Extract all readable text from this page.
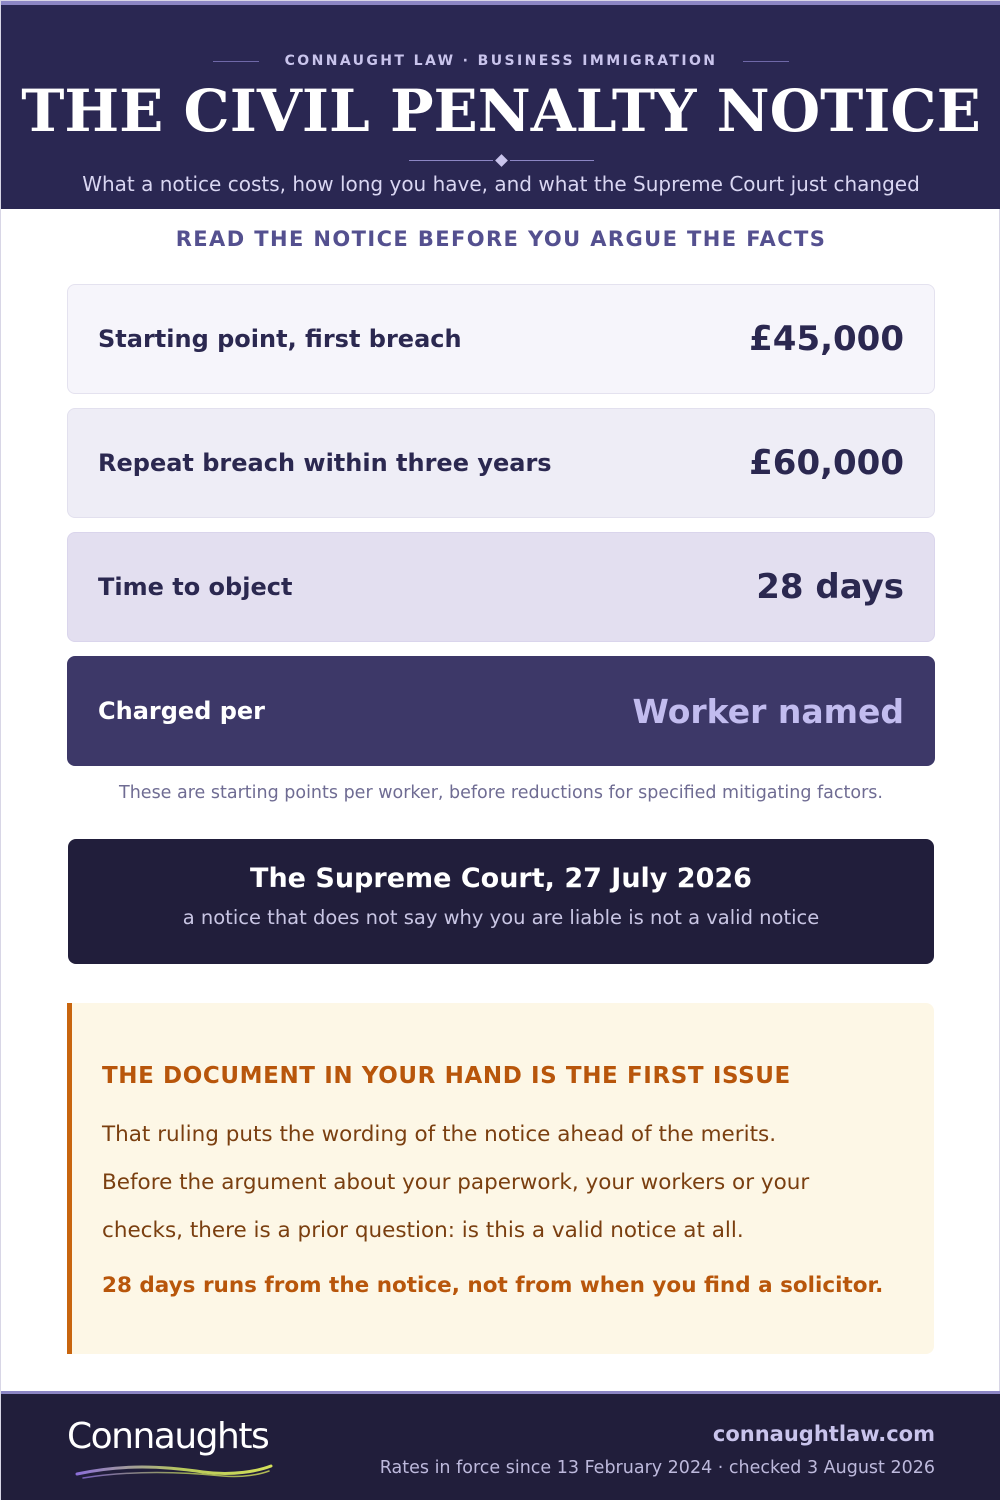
CONNAUGHT LAW · BUSINESS IMMIGRATION
THE CIVIL PENALTY NOTICE
What a notice costs, how long you have, and what the Supreme Court just changed
READ THE NOTICE BEFORE YOU ARGUE THE FACTS
Starting point, first breach	£45,000
Repeat breach within three years	£60,000
Time to object	28 days
Charged per	Worker named
These are starting points per worker, before reductions for specified mitigating factors.
The Supreme Court, 27 July 2026
a notice that does not say why you are liable is not a valid notice
THE DOCUMENT IN YOUR HAND IS THE FIRST ISSUE
That ruling puts the wording of the notice ahead of the merits.
Before the argument about your paperwork, your workers or your
checks, there is a prior question: is this a valid notice at all.
28 days runs from the notice, not from when you find a solicitor.
Connaughts	connaughtlaw.com
Rates in force since 13 February 2024 · checked 3 August 2026
